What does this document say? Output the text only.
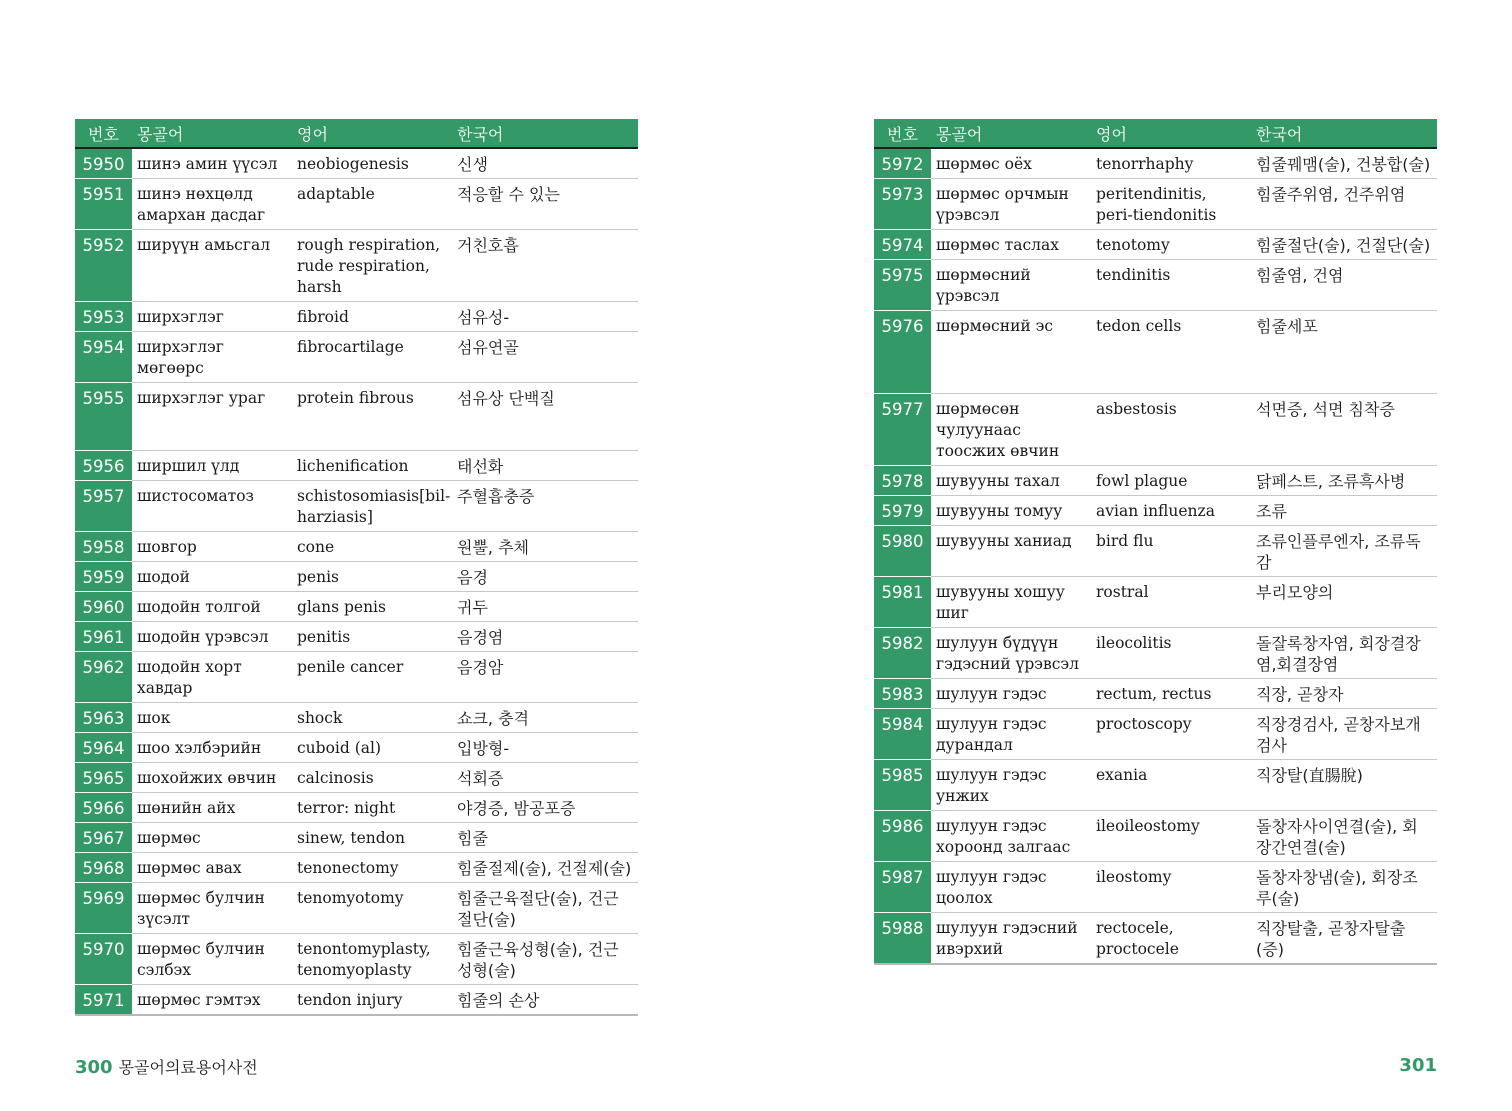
번호	몽골어	영어	한국어
5950	шинэ амин үүсэл	neobiogenesis	신생
5951	шинэ нөхцөлд амархан дасдаг	adaptable	적응할 수 있는
5952	ширүүн амьсгал	rough respiration, rude respiration, harsh	거친호흡
5953	ширхэглэг	fibroid	섬유성-
5954	ширхэглэг мөгөөрс	fibrocartilage	섬유연골
5955	ширхэглэг ураг	protein fibrous	섬유상 단백질
5956	ширшил үлд	lichenification	태선화
5957	шистосоматоз	schistosomiasis[bil-harziasis]	주혈흡충증
5958	шовгор	cone	원뿔, 추체
5959	шодой	penis	음경
5960	шодойн толгой	glans penis	귀두
5961	шодойн үрэвсэл	penitis	음경염
5962	шодойн хорт хавдар	penile cancer	음경암
5963	шок	shock	쇼크, 충격
5964	шоо хэлбэрийн	cuboid (al)	입방형-
5965	шохойжих өвчин	calcinosis	석회증
5966	шөнийн айх	terror: night	야경증, 밤공포증
5967	шөрмөс	sinew, tendon	힘줄
5968	шөрмөс авах	tenonectomy	힘줄절제(술), 건절제(술)
5969	шөрмөс булчин зүсэлт	tenomyotomy	힘줄근육절단(술), 건근절단(술)
5970	шөрмөс булчин сэлбэх	tenontomyplasty, tenomyoplasty	힘줄근육성형(술), 건근성형(술)
5971	шөрмөс гэмтэх	tendon injury	힘줄의 손상
번호	몽골어	영어	한국어
5972	шөрмөс оёх	tenorrhaphy	힘줄꿰맴(술), 건봉합(술)
5973	шөрмөс орчмын үрэвсэл	peritendinitis, peri-tiendonitis	힘줄주위염, 건주위염
5974	шөрмөс таслах	tenotomy	힘줄절단(술), 건절단(술)
5975	шөрмөсний үрэвсэл	tendinitis	힘줄염, 건염
5976	шөрмөсний эс	tedon cells	힘줄세포
5977	шөрмөсөн чулуунаас тоосжих өвчин	asbestosis	석면증, 석면 침착증
5978	шувууны тахал	fowl plague	닭페스트, 조류흑사병
5979	шувууны томуу	avian influenza	조류
5980	шувууны ханиад	bird flu	조류인플루엔자, 조류독감
5981	шувууны хошуу шиг	rostral	부리모양의
5982	шулуун бүдүүн гэдэсний үрэвсэл	ileocolitis	돌잘록창자염, 회장결장염,회결장염
5983	шулуун гэдэс	rectum, rectus	직장, 곧창자
5984	шулуун гэдэс дурандал	proctoscopy	직장경검사, 곧창자보개검사
5985	шулуун гэдэс унжих	exania	직장탈(直腸脫)
5986	шулуун гэдэс хороонд залгаас	ileoileostomy	돌창자사이연결(술), 회장간연결(술)
5987	шулуун гэдэс цоолох	ileostomy	돌창자창냄(술), 회장조루(술)
5988	шулуун гэдэсний ивэрхий	rectocele, proctocele	직장탈출, 곧창자탈출(증)
300 몽골어의료용어사전	301
